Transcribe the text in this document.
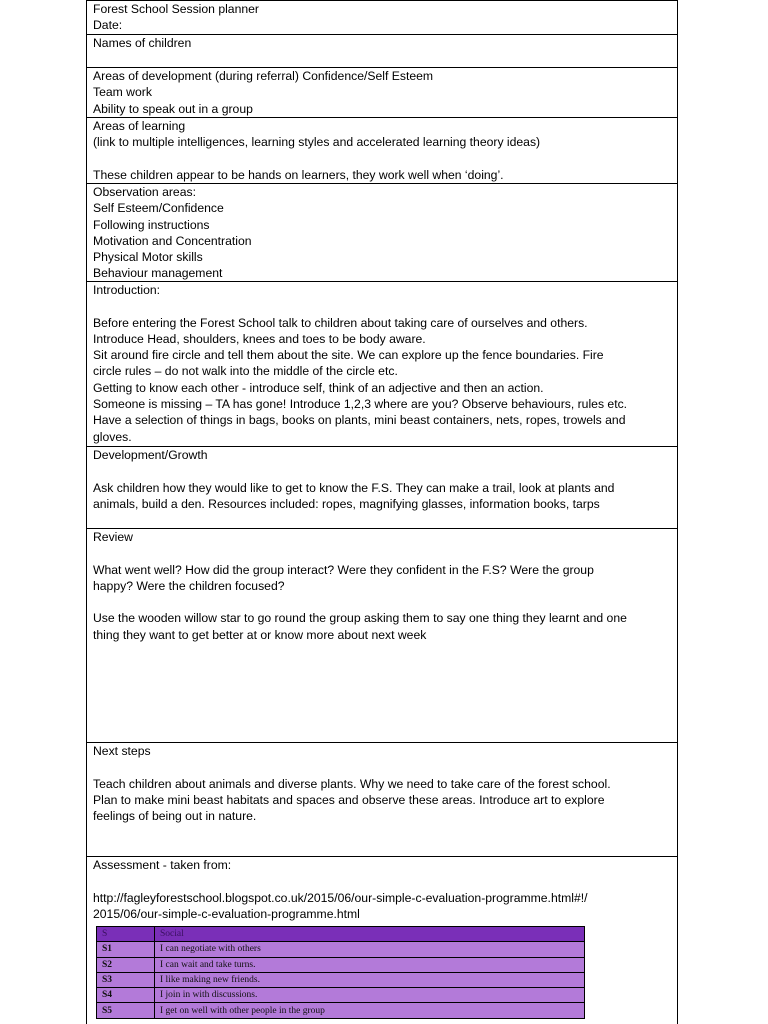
Forest School Session planner
Date:
Names of children
Areas of development (during referral) Confidence/Self Esteem
Team work
Ability to speak out in a group
Areas of learning
(link to multiple intelligences, learning styles and accelerated learning theory ideas)
These children appear to be hands on learners, they work well when ‘doing’.
Observation areas:
Self Esteem/Confidence
Following instructions
Motivation and Concentration
Physical Motor skills
Behaviour management
Introduction:
Before entering the Forest School talk to children about taking care of ourselves and others.
Introduce Head, shoulders, knees and toes to be body aware.
Sit around fire circle and tell them about the site. We can explore up the fence boundaries. Fire
circle rules – do not walk into the middle of the circle etc.
Getting to know each other - introduce self, think of an adjective and then an action.
Someone is missing – TA has gone! Introduce 1,2,3 where are you? Observe behaviours, rules etc.
Have a selection of things in bags, books on plants, mini beast containers, nets, ropes, trowels and
gloves.
Development/Growth
Ask children how they would like to get to know the F.S. They can make a trail, look at plants and
animals, build a den. Resources included: ropes, magnifying glasses, information books, tarps
Review
What went well? How did the group interact? Were they confident in the F.S? Were the group
happy? Were the children focused?
Use the wooden willow star to go round the group asking them to say one thing they learnt and one
thing they want to get better at or know more about next week
Next steps
Teach children about animals and diverse plants. Why we need to take care of the forest school.
Plan to make mini beast habitats and spaces and observe these areas. Introduce art to explore
feelings of being out in nature.
Assessment - taken from:
http://fagleyforestschool.blogspot.co.uk/2015/06/our-simple-c-evaluation-programme.html#!/
2015/06/our-simple-c-evaluation-programme.html
S	Social
S1	I can negotiate with others
S2	I can wait and take turns.
S3	I like making new friends.
S4	I join in with discussions.
S5	I get on well with other people in the group
